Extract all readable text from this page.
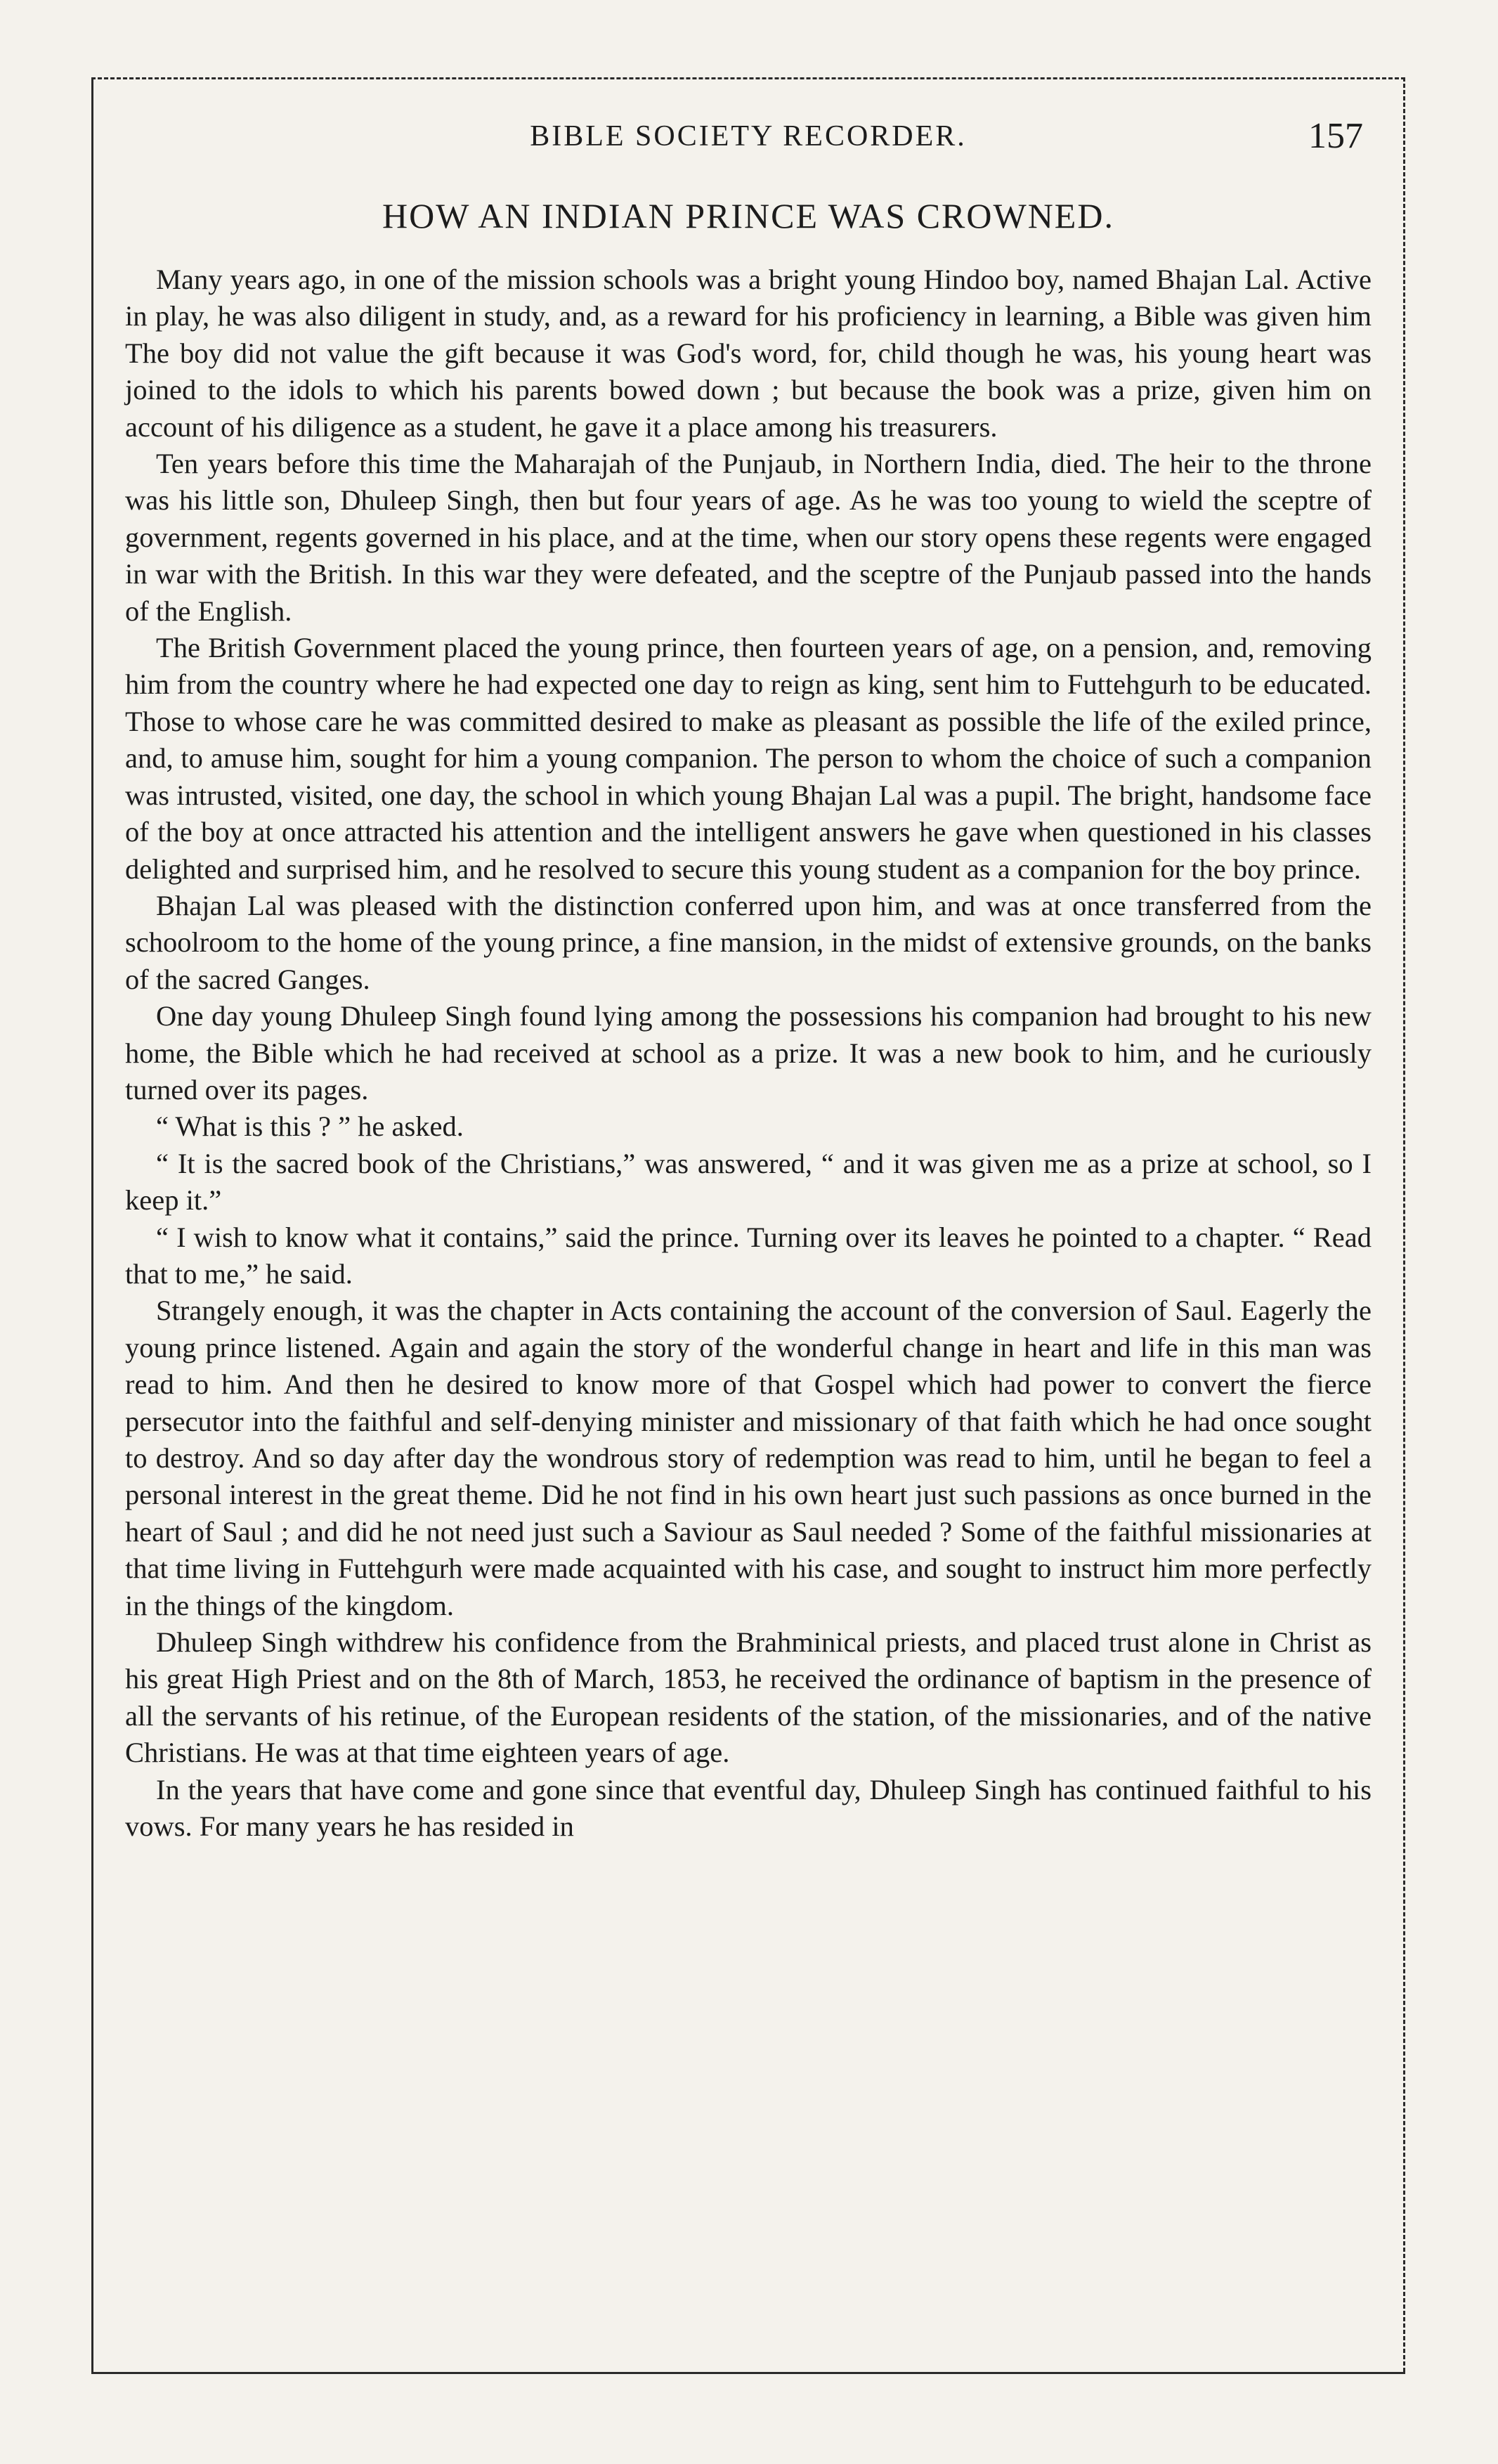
BIBLE SOCIETY RECORDER.	157
HOW AN INDIAN PRINCE WAS CROWNED.

Many years ago, in one of the mission schools was a bright young Hindoo boy, named Bhajan Lal. Active in play, he was also diligent in study, and, as a reward for his proficiency in learning, a Bible was given him The boy did not value the gift because it was God's word, for, child though he was, his young heart was joined to the idols to which his parents bowed down ; but because the book was a prize, given him on account of his diligence as a student, he gave it a place among his treasurers.

Ten years before this time the Maharajah of the Punjaub, in Northern India, died. The heir to the throne was his little son, Dhuleep Singh, then but four years of age. As he was too young to wield the sceptre of government, regents governed in his place, and at the time, when our story opens these regents were engaged in war with the British. In this war they were defeated, and the sceptre of the Punjaub passed into the hands of the English.

The British Government placed the young prince, then fourteen years of age, on a pension, and, removing him from the country where he had expected one day to reign as king, sent him to Futtehgurh to be educated. Those to whose care he was committed desired to make as pleasant as possible the life of the exiled prince, and, to amuse him, sought for him a young companion. The person to whom the choice of such a companion was intrusted, visited, one day, the school in which young Bhajan Lal was a pupil. The bright, handsome face of the boy at once attracted his attention and the intelligent answers he gave when questioned in his classes delighted and surprised him, and he resolved to secure this young student as a companion for the boy prince.

Bhajan Lal was pleased with the distinction conferred upon him, and was at once transferred from the schoolroom to the home of the young prince, a fine mansion, in the midst of extensive grounds, on the banks of the sacred Ganges.

One day young Dhuleep Singh found lying among the possessions his companion had brought to his new home, the Bible which he had received at school as a prize. It was a new book to him, and he curiously turned over its pages.

“ What is this ? ” he asked.

“ It is the sacred book of the Christians,” was answered, “ and it was given me as a prize at school, so I keep it.”

“ I wish to know what it contains,” said the prince. Turning over its leaves he pointed to a chapter. “ Read that to me,” he said.

Strangely enough, it was the chapter in Acts containing the account of the conversion of Saul. Eagerly the young prince listened. Again and again the story of the wonderful change in heart and life in this man was read to him. And then he desired to know more of that Gospel which had power to convert the fierce persecutor into the faithful and self-denying minister and missionary of that faith which he had once sought to destroy. And so day after day the wondrous story of redemption was read to him, until he began to feel a personal interest in the great theme. Did he not find in his own heart just such passions as once burned in the heart of Saul ; and did he not need just such a Saviour as Saul needed ? Some of the faithful missionaries at that time living in Futtehgurh were made acquainted with his case, and sought to instruct him more perfectly in the things of the kingdom.

Dhuleep Singh withdrew his confidence from the Brahminical priests, and placed trust alone in Christ as his great High Priest and on the 8th of March, 1853, he received the ordinance of baptism in the presence of all the servants of his retinue, of the European residents of the station, of the missionaries, and of the native Christians. He was at that time eighteen years of age.

In the years that have come and gone since that eventful day, Dhuleep Singh has continued faithful to his vows. For many years he has resided in
